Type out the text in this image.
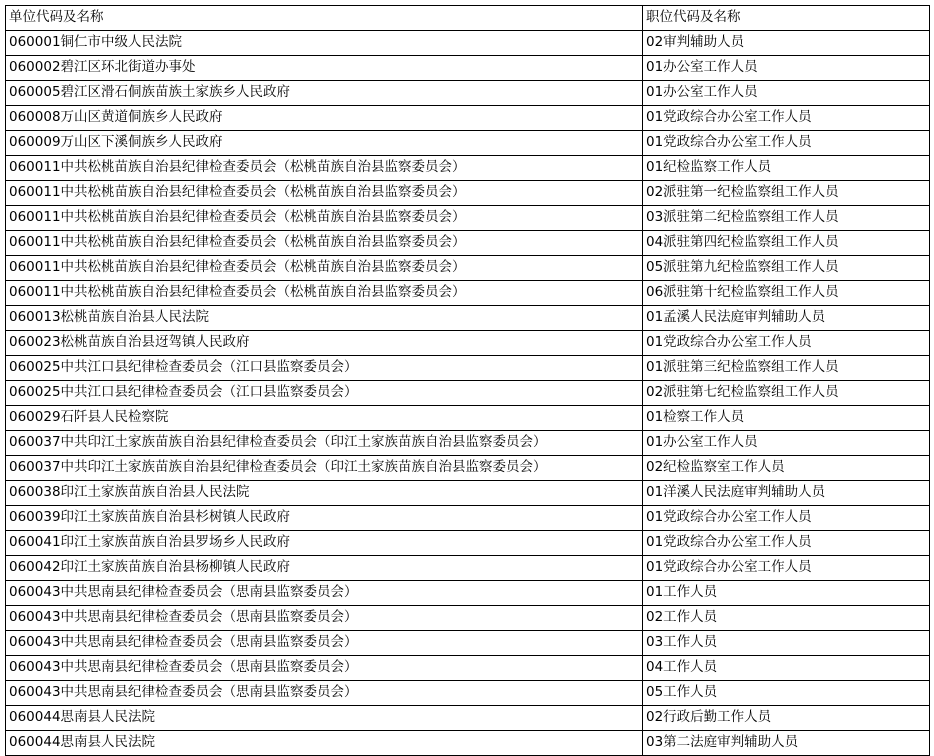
单位代码及名称	职位代码及名称

060001铜仁市中级人民法院	02审判辅助人员

060002碧江区环北街道办事处	01办公室工作人员

060005碧江区滑石侗族苗族土家族乡人民政府	01办公室工作人员

060008万山区黄道侗族乡人民政府	01党政综合办公室工作人员

060009万山区下溪侗族乡人民政府	01党政综合办公室工作人员

060011中共松桃苗族自治县纪律检查委员会（松桃苗族自治县监察委员会）	01纪检监察工作人员

060011中共松桃苗族自治县纪律检查委员会（松桃苗族自治县监察委员会）	02派驻第一纪检监察组工作人员

060011中共松桃苗族自治县纪律检查委员会（松桃苗族自治县监察委员会）	03派驻第二纪检监察组工作人员

060011中共松桃苗族自治县纪律检查委员会（松桃苗族自治县监察委员会）	04派驻第四纪检监察组工作人员

060011中共松桃苗族自治县纪律检查委员会（松桃苗族自治县监察委员会）	05派驻第九纪检监察组工作人员

060011中共松桃苗族自治县纪律检查委员会（松桃苗族自治县监察委员会）	06派驻第十纪检监察组工作人员

060013松桃苗族自治县人民法院	01孟溪人民法庭审判辅助人员

060023松桃苗族自治县迓驾镇人民政府	01党政综合办公室工作人员

060025中共江口县纪律检查委员会（江口县监察委员会）	01派驻第三纪检监察组工作人员

060025中共江口县纪律检查委员会（江口县监察委员会）	02派驻第七纪检监察组工作人员

060029石阡县人民检察院	01检察工作人员

060037中共印江土家族苗族自治县纪律检查委员会（印江土家族苗族自治县监察委员会）	01办公室工作人员

060037中共印江土家族苗族自治县纪律检查委员会（印江土家族苗族自治县监察委员会）	02纪检监察室工作人员

060038印江土家族苗族自治县人民法院	01洋溪人民法庭审判辅助人员

060039印江土家族苗族自治县杉树镇人民政府	01党政综合办公室工作人员

060041印江土家族苗族自治县罗场乡人民政府	01党政综合办公室工作人员

060042印江土家族苗族自治县杨柳镇人民政府	01党政综合办公室工作人员

060043中共思南县纪律检查委员会（思南县监察委员会）	01工作人员

060043中共思南县纪律检查委员会（思南县监察委员会）	02工作人员

060043中共思南县纪律检查委员会（思南县监察委员会）	03工作人员

060043中共思南县纪律检查委员会（思南县监察委员会）	04工作人员

060043中共思南县纪律检查委员会（思南县监察委员会）	05工作人员

060044思南县人民法院	02行政后勤工作人员

060044思南县人民法院	03第二法庭审判辅助人员
